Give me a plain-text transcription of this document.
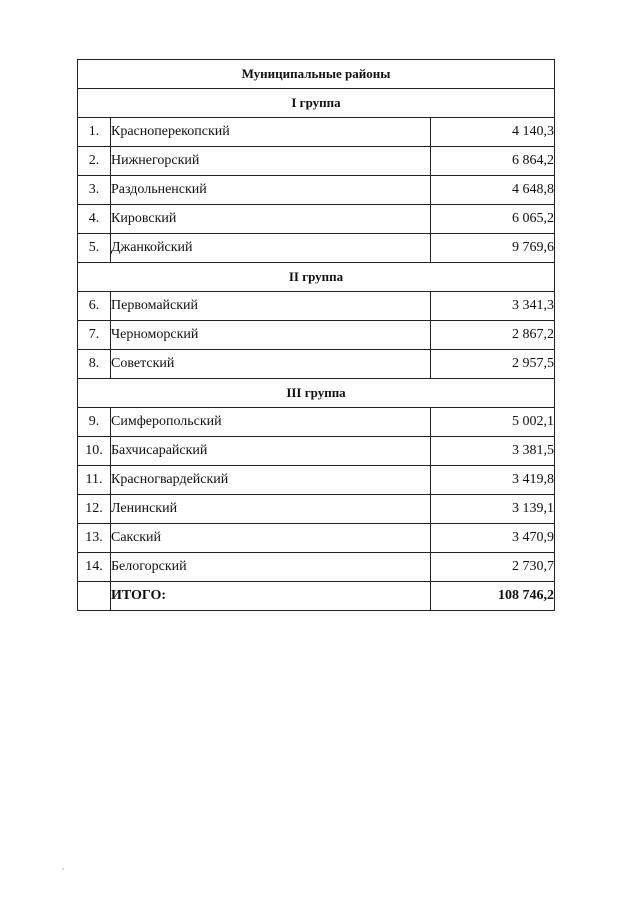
Муниципальные районы		
I группа		
1.	Красноперекопский	4 140,3
2.	Нижнегорский	6 864,2
3.	Раздольненский	4 648,8
4.	Кировский	6 065,2
5.	Джанкойский	9 769,6
II группа		
6.	Первомайский	3 341,3
7.	Черноморский	2 867,2
8.	Советский	2 957,5
III группа		
9.	Симферопольский	5 002,1
10.	Бахчисарайский	3 381,5
11.	Красногвардейский	3 419,8
12.	Ленинский	3 139,1
13.	Сакский	3 470,9
14.	Белогорский	2 730,7
	ИТОГО:	108 746,2
